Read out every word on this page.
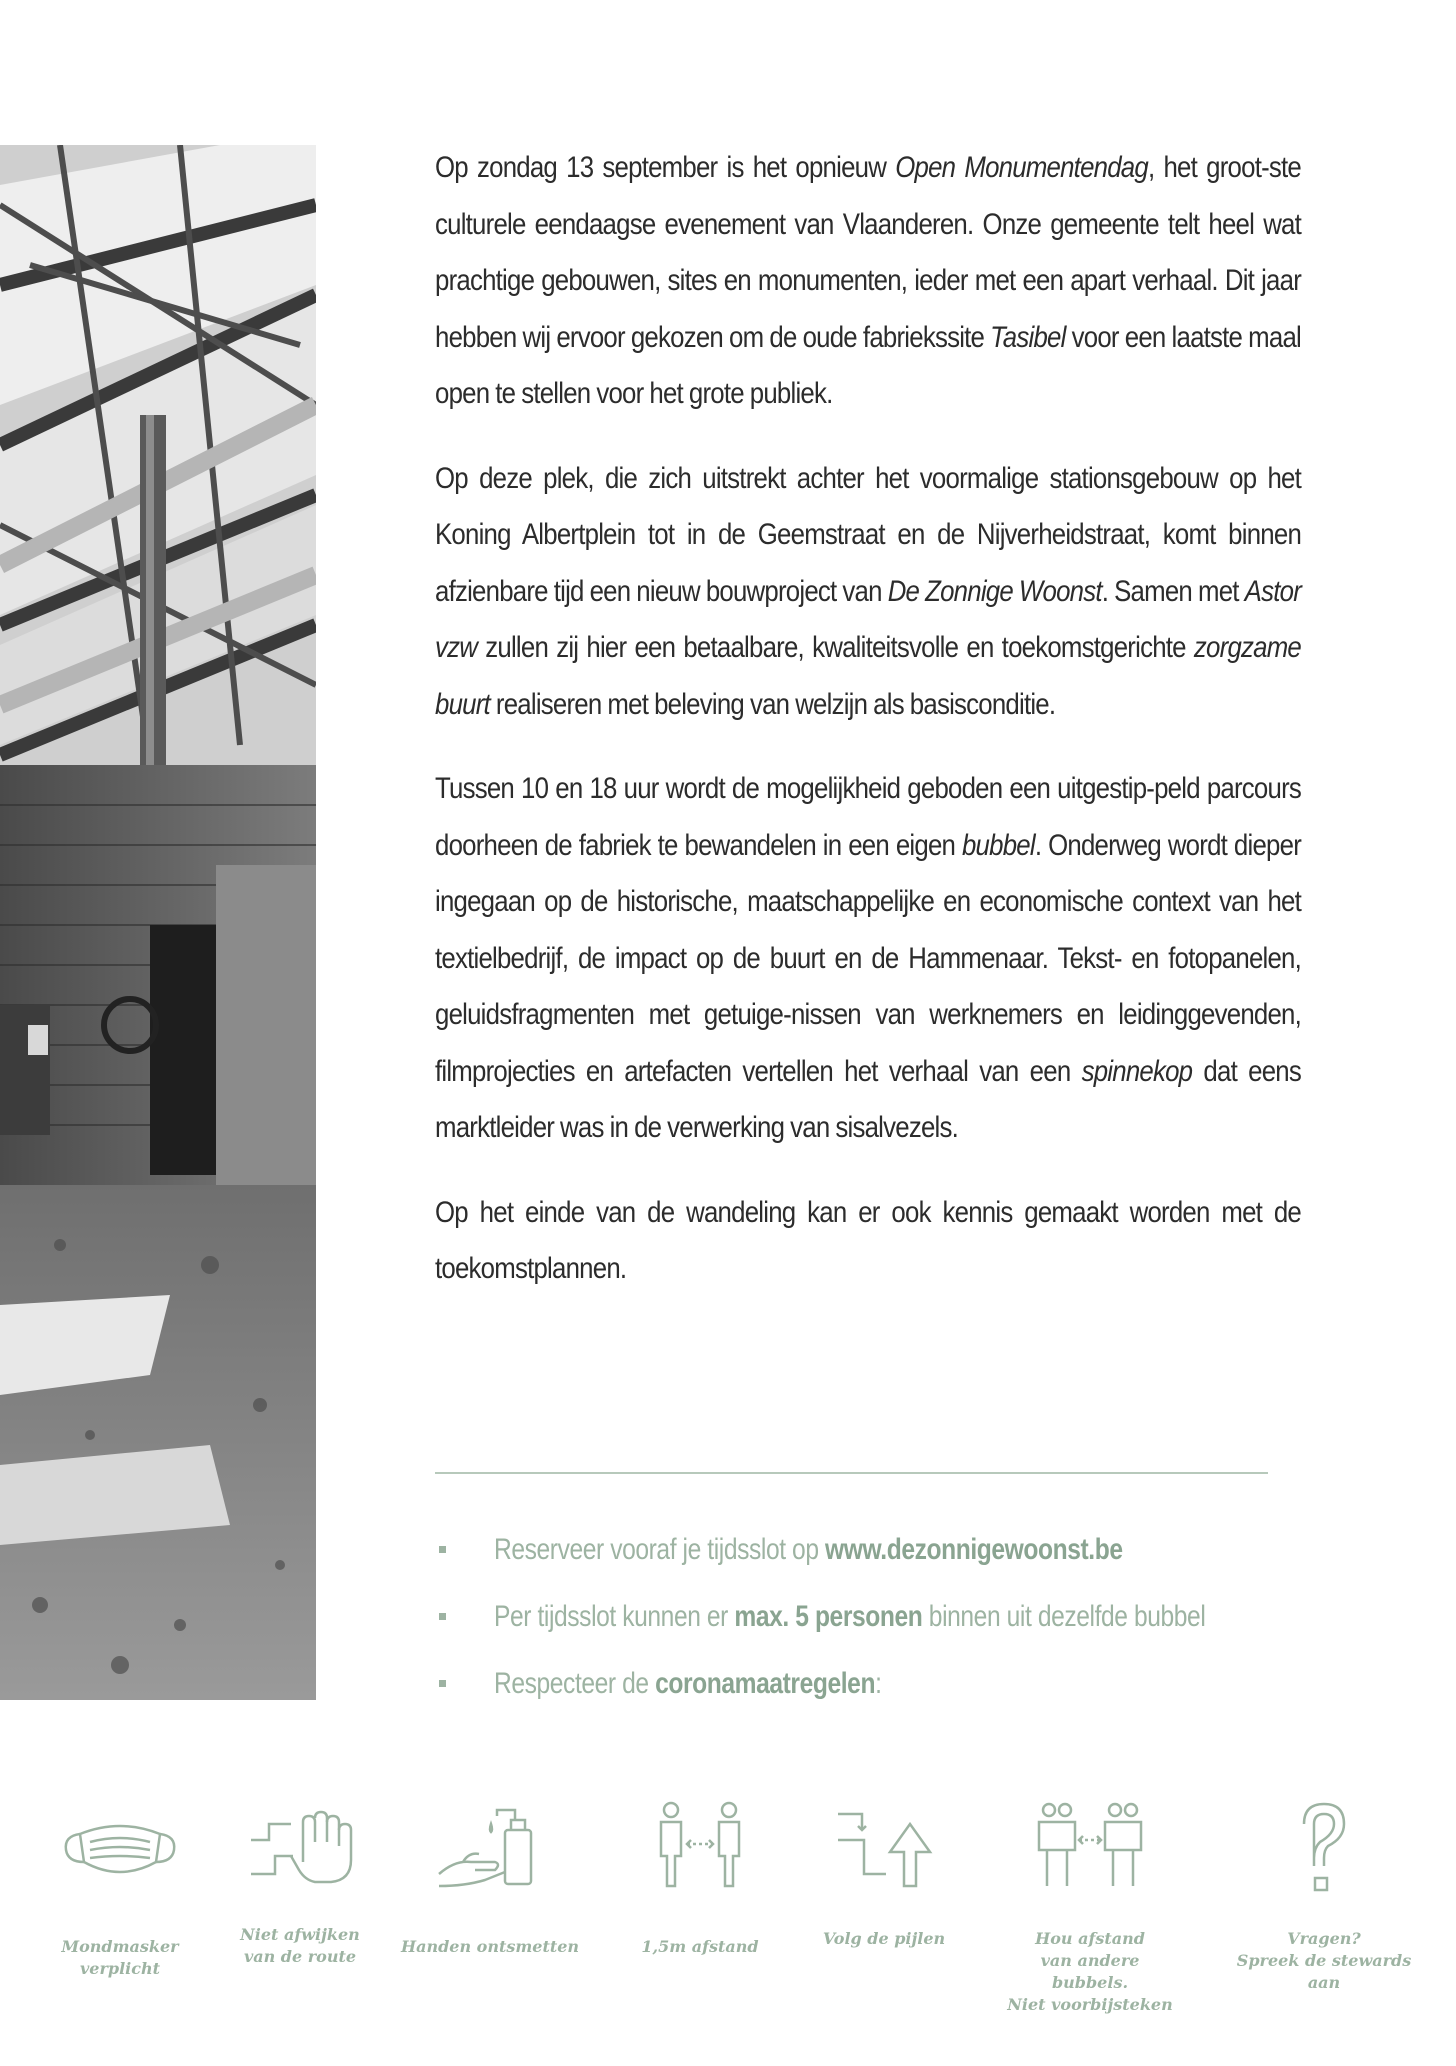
Op zondag 13 september is het opnieuw Open Monumentendag, het groot-ste culturele eendaagse evenement van Vlaanderen. Onze gemeente telt heel wat prachtige gebouwen, sites en monumenten, ieder met een apart verhaal. Dit jaar hebben wij ervoor gekozen om de oude fabriekssite Tasibel voor een laatste maal open te stellen voor het grote publiek.

Op deze plek, die zich uitstrekt achter het voormalige stationsgebouw op het Koning Albertplein tot in de Geemstraat en de Nijverheidstraat, komt binnen afzienbare tijd een nieuw bouwproject van De Zonnige Woonst. Samen met Astor vzw zullen zij hier een betaalbare, kwaliteitsvolle en toekomstgerichte zorgzame buurt realiseren met beleving van welzijn als basisconditie.

Tussen 10 en 18 uur wordt de mogelijkheid geboden een uitgestip-peld parcours doorheen de fabriek te bewandelen in een eigen bubbel. Onderweg wordt dieper ingegaan op de historische, maatschappelijke en economische context van het textielbedrijf, de impact op de buurt en de Hammenaar. Tekst- en fotopanelen, geluidsfragmenten met getuige-nissen van werknemers en leidinggevenden, filmprojecties en artefacten vertellen het verhaal van een spinnekop dat eens marktleider was in de verwerking van sisalvezels.

Op het einde van de wandeling kan er ook kennis gemaakt worden met de toekomstplannen.

Reserveer vooraf je tijdsslot op www.dezonnigewoonst.be
Per tijdsslot kunnen er max. 5 personen binnen uit dezelfde bubbel
Respecteer de coronamaatregelen:
Mondmasker
verplicht
Niet afwijken
van de route
Handen ontsmetten	1,5m afstand	Volg de pijlen	Hou afstand
van andere bubbels.
Niet voorbijsteken
Vragen?
Spreek de stewards aan
